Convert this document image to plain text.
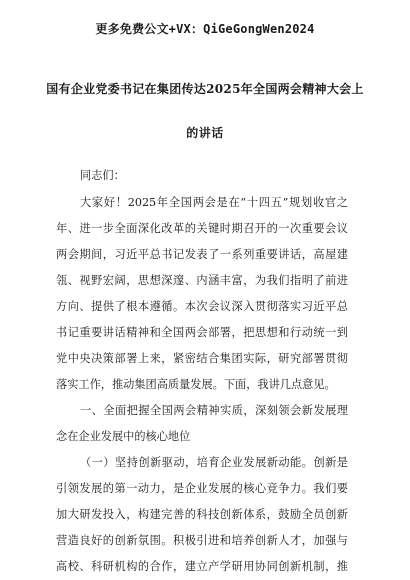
更多免费公文+VX：QiGeGongWen2024
国有企业党委书记在集团传达2025年全国两会精神大会上
的讲话
同志们：
大家好！2025年全国两会是在“十四五”规划收官之
年、进一步全面深化改革的关键时期召开的一次重要会议
两会期间，习近平总书记发表了一系列重要讲话，高屋建
瓴、视野宏阔，思想深邃、内涵丰富，为我们指明了前进
方向、提供了根本遵循。本次会议深入贯彻落实习近平总
书记重要讲话精神和全国两会部署，把思想和行动统一到
党中央决策部署上来，紧密结合集团实际，研究部署贯彻
落实工作，推动集团高质量发展。下面，我讲几点意见。
一、全面把握全国两会精神实质，深刻领会新发展理
念在企业发展中的核心地位
（一）坚持创新驱动，培育企业发展新动能。创新是
引领发展的第一动力，是企业发展的核心竞争力。我们要
加大研发投入，构建完善的科技创新体系，鼓励全员创新
营造良好的创新氛围。积极引进和培养创新人才，加强与
高校、科研机构的合作，建立产学研用协同创新机制，推
